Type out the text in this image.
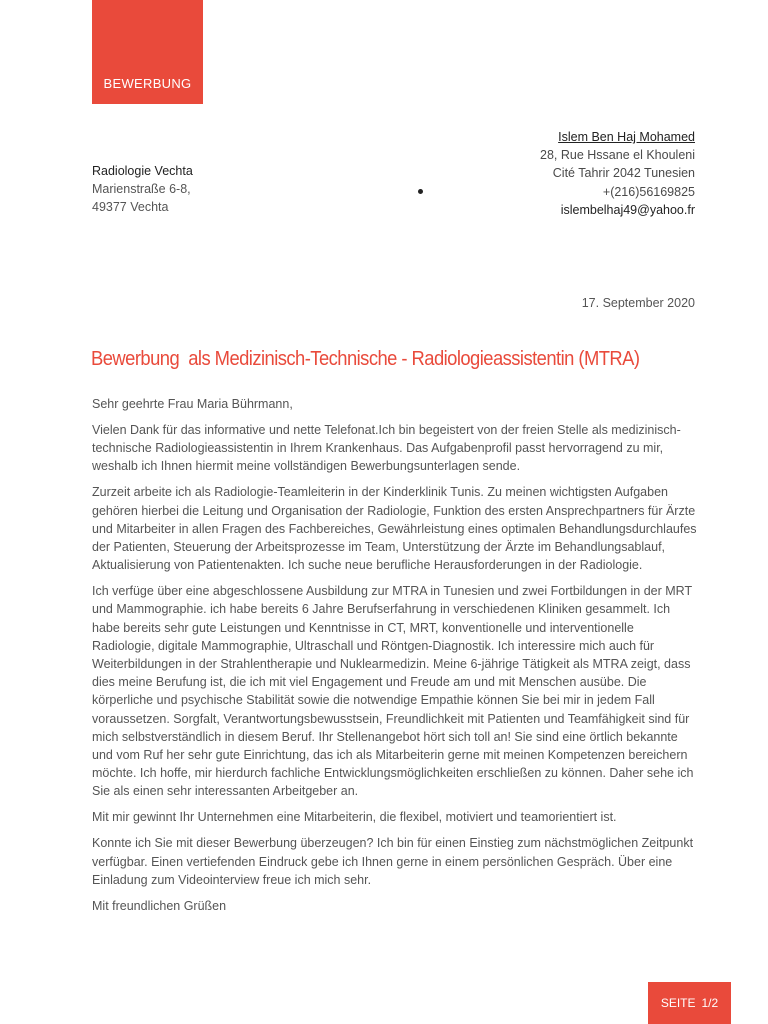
BEWERBUNG
Islem Ben Haj Mohamed
28, Rue Hssane el Khouleni
Cité Tahrir 2042 Tunesien
+(216)56169825
islembelhaj49@yahoo.fr
Radiologie Vechta
Marienstraße 6-8,
49377 Vechta
17. September 2020
Bewerbung  als Medizinisch-Technische - Radiologieassistentin (MTRA)

Sehr geehrte Frau Maria Bührmann,

Vielen Dank für das informative und nette Telefonat.Ich bin begeistert von der freien Stelle als medizinisch-technische Radiologieassistentin in Ihrem Krankenhaus. Das Aufgabenprofil passt hervorragend zu mir, weshalb ich Ihnen hiermit meine vollständigen Bewerbungsunterlagen sende.

Zurzeit arbeite ich als Radiologie-Teamleiterin in der Kinderklinik Tunis. Zu meinen wichtigsten Aufgaben gehören hierbei die Leitung und Organisation der Radiologie, Funktion des ersten Ansprechpartners für Ärzte und Mitarbeiter in allen Fragen des Fachbereiches, Gewährleistung eines optimalen Behandlungsdurchlaufes der Patienten, Steuerung der Arbeitsprozesse im Team, Unterstützung der Ärzte im Behandlungsablauf, Aktualisierung von Patientenakten. Ich suche neue berufliche Herausforderungen in der Radiologie.

Ich verfüge über eine abgeschlossene Ausbildung zur MTRA in Tunesien und zwei Fortbildungen in der MRT und Mammographie. ich habe bereits 6 Jahre Berufserfahrung in verschiedenen Kliniken gesammelt. Ich habe bereits sehr gute Leistungen und Kenntnisse in CT, MRT, konventionelle und interventionelle Radiologie, digitale Mammographie, Ultraschall und Röntgen-Diagnostik. Ich interessire mich auch für Weiterbildungen in der Strahlentherapie und Nuklearmedizin. Meine 6-jährige Tätigkeit als MTRA zeigt, dass dies meine Berufung ist, die ich mit viel Engagement und Freude am und mit Menschen ausübe. Die körperliche und psychische Stabilität sowie die notwendige Empathie können Sie bei mir in jedem Fall voraussetzen. Sorgfalt, Verantwortungsbewusstsein, Freundlichkeit mit Patienten und Teamfähigkeit sind für mich selbstverständlich in diesem Beruf. Ihr Stellenangebot hört sich toll an! Sie sind eine örtlich bekannte und vom Ruf her sehr gute Einrichtung, das ich als Mitarbeiterin gerne mit meinen Kompetenzen bereichern möchte. Ich hoffe, mir hierdurch fachliche Entwicklungsmöglichkeiten erschließen zu können. Daher sehe ich Sie als einen sehr interessanten Arbeitgeber an.

Mit mir gewinnt Ihr Unternehmen eine Mitarbeiterin, die flexibel, motiviert und teamorientiert ist.

Konnte ich Sie mit dieser Bewerbung überzeugen? Ich bin für einen Einstieg zum nächstmöglichen Zeitpunkt verfügbar. Einen vertiefenden Eindruck gebe ich Ihnen gerne in einem persönlichen Gespräch. Über eine Einladung zum Videointerview freue ich mich sehr.

Mit freundlichen Grüßen

SEITE 1/2
